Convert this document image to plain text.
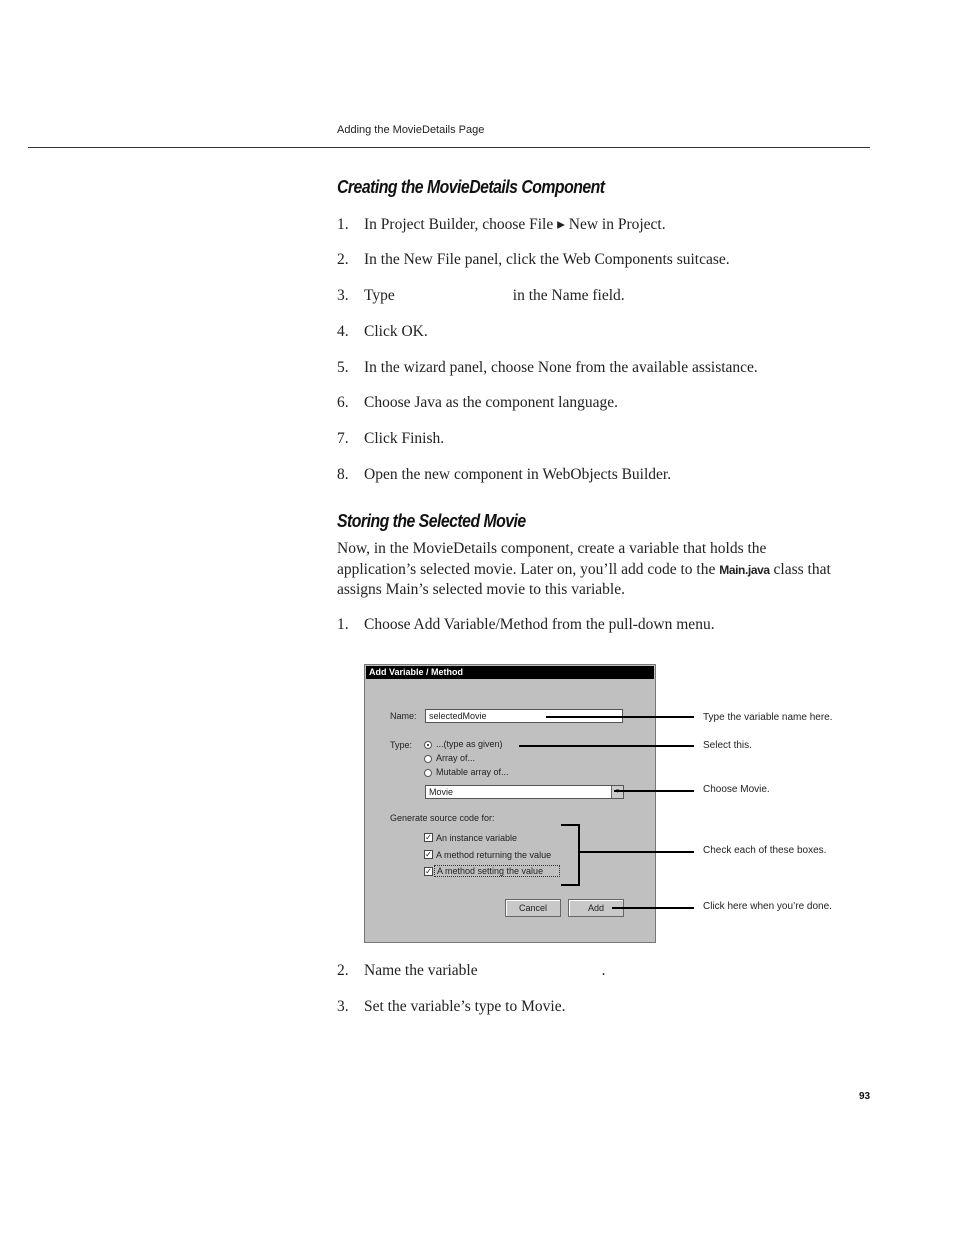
Adding the MovieDetails Page
Creating the MovieDetails Component
1. In Project Builder, choose File ▸ New in Project.
2. In the New File panel, click the Web Components suitcase.
3. Type	in the Name field.
4. Click OK.
5. In the wizard panel, choose None from the available assistance.
6. Choose Java as the component language.
7. Click Finish.
8. Open the new component in WebObjects Builder.
Storing the Selected Movie
Now, in the MovieDetails component, create a variable that holds the application’s selected movie. Later on, you’ll add code to the Main.java class that assigns Main’s selected movie to this variable.
1. Choose Add Variable/Method from the pull-down menu.
Add Variable / Method
Name:	selectedMovie
Type:	...(type as given)
Array of...
Mutable array of...
Movie
Generate source code for:
✓ An instance variable
✓ A method returning the value
✓ A method setting the value
Cancel	Add
Type the variable name here.
Select this.
Choose Movie.
Check each of these boxes.
Click here when you’re done.
2. Name the variable	.
3. Set the variable’s type to Movie.
93
